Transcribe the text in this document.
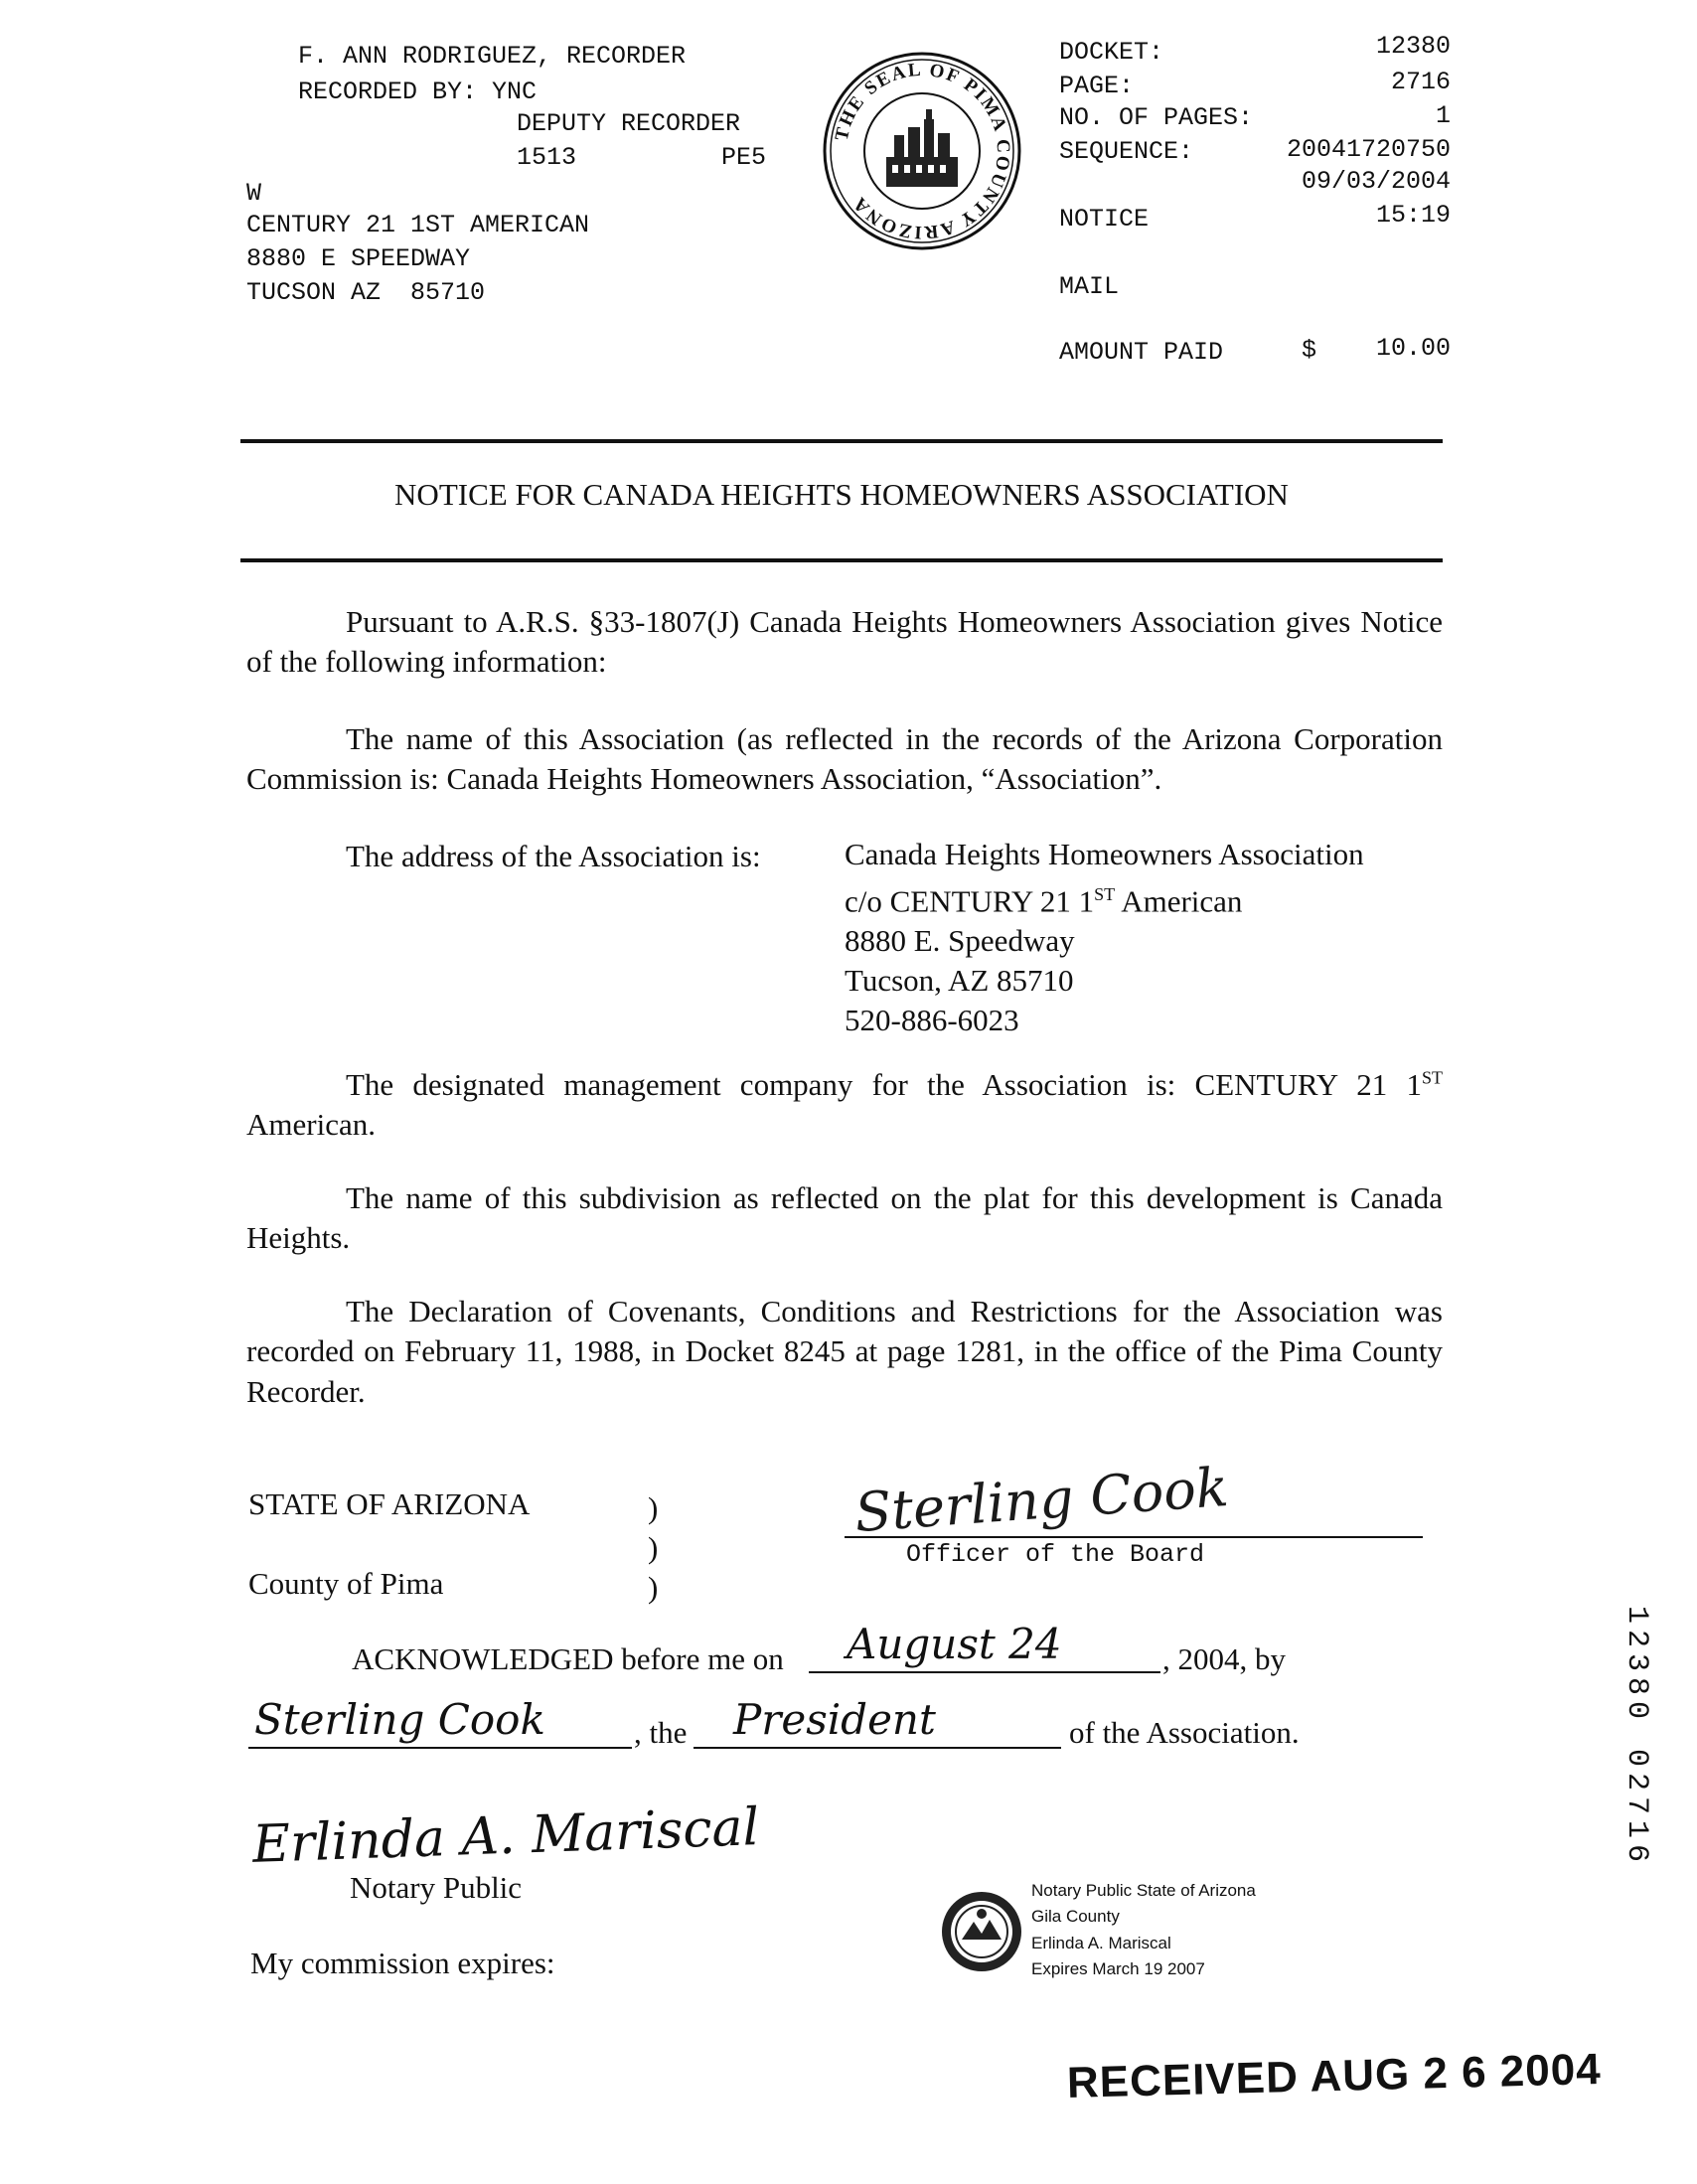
F. ANN RODRIGUEZ, RECORDER
RECORDED BY: YNC
DEPUTY RECORDER
1513	PE5
W
CENTURY 21 1ST AMERICAN
8880 E SPEEDWAY
TUCSON AZ  85710
THE SEAL OF PIMA COUNTY ARIZONA
DOCKET:	12380
PAGE:	2716
NO. OF PAGES:	1
SEQUENCE:	20041720750
09/03/2004
NOTICE	15:19
MAIL
AMOUNT PAID	$	10.00
NOTICE FOR CANADA HEIGHTS HOMEOWNERS ASSOCIATION
Pursuant to A.R.S. §33-1807(J) Canada Heights Homeowners Association gives Notice of the following information:
The name of this Association (as reflected in the records of the Arizona Corporation Commission is: Canada Heights Homeowners Association, “Association”.
The address of the Association is:	Canada Heights Homeowners Association
c/o CENTURY 21 1ST American
8880 E. Speedway
Tucson, AZ 85710
520-886-6023
The designated management company for the Association is: CENTURY 21 1ST American.
The name of this subdivision as reflected on the plat for this development is Canada Heights.
The Declaration of Covenants, Conditions and Restrictions for the Association was recorded on February 11, 1988, in Docket 8245 at page 1281, in the office of the Pima County Recorder.
STATE OF ARIZONA
County of Pima
)
)
)
Sterling Cook
Officer of the Board
ACKNOWLEDGED before me on August 24	, 2004, by
Sterling Cook	, the President	of the Association.
Erlinda A. Mariscal
Notary Public
My commission expires:
Notary Public State of Arizona
Gila County
Erlinda A. Mariscal
Expires March 19 2007
RECEIVED AUG 2 6 2004
12380 02716
